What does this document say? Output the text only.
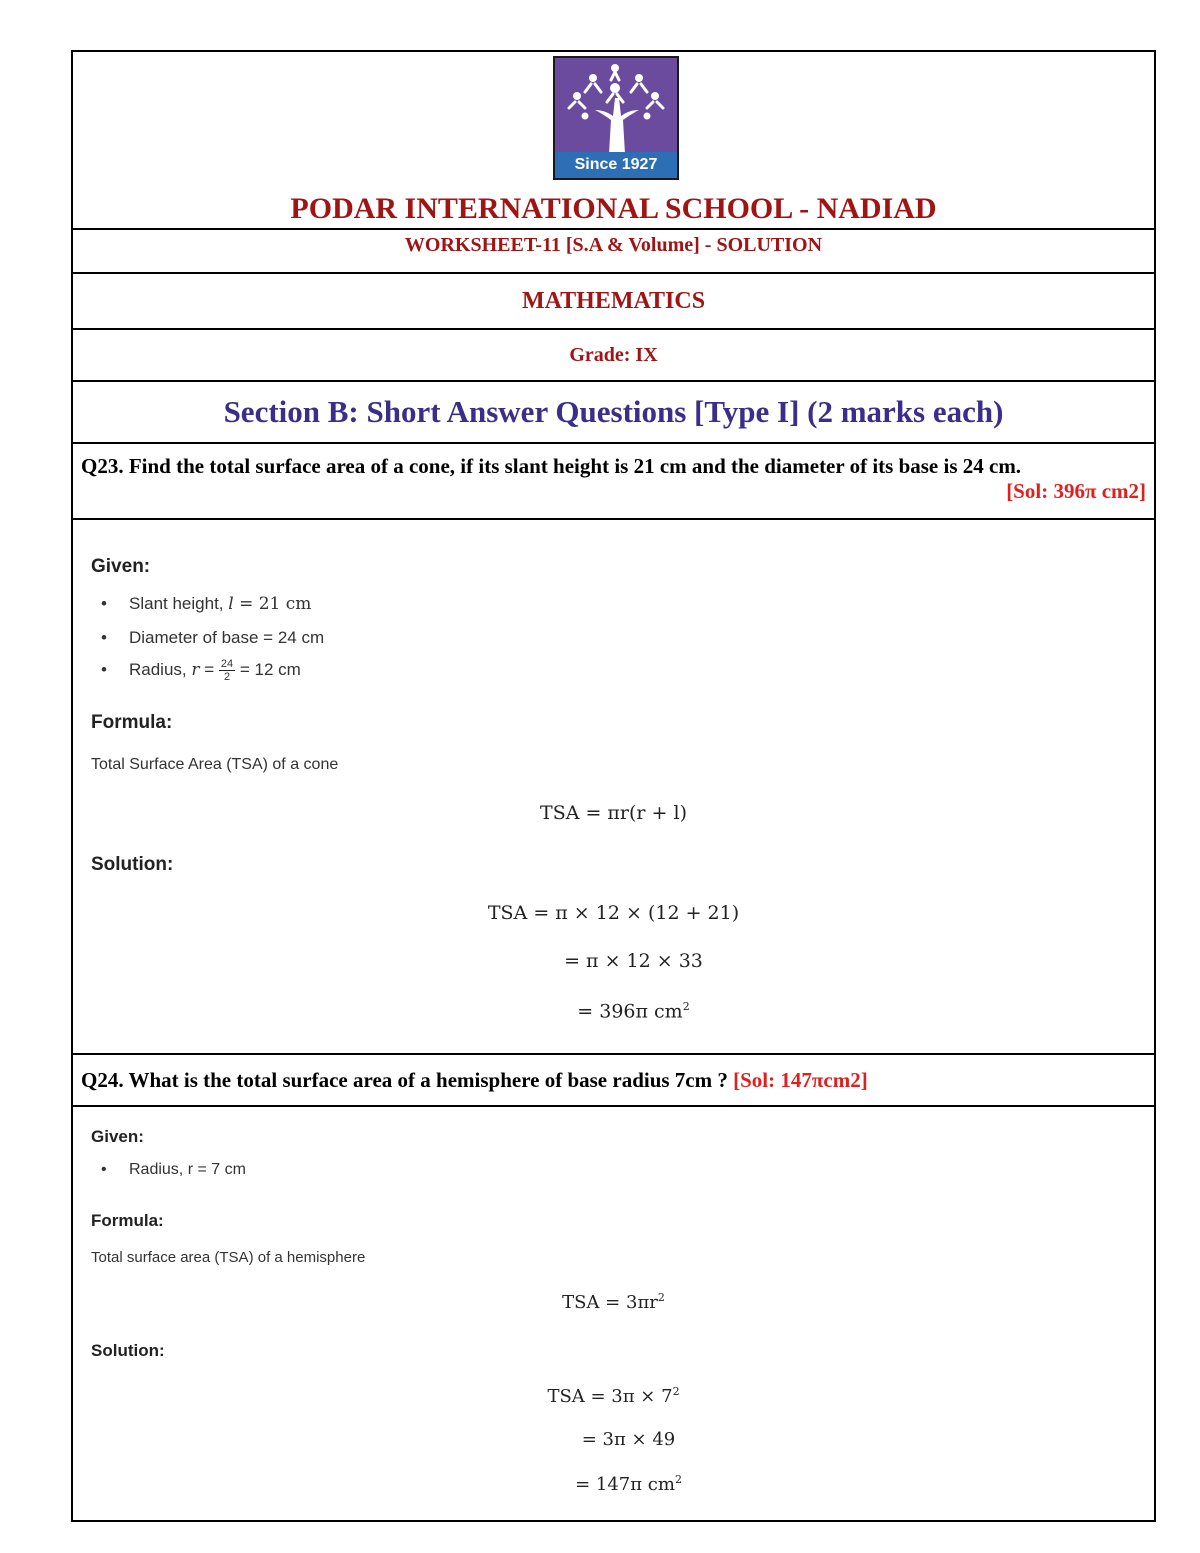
Since 1927
PODAR INTERNATIONAL SCHOOL - NADIAD
WORKSHEET-11 [S.A & Volume] - SOLUTION
MATHEMATICS
Grade: IX
Section B: Short Answer Questions [Type I] (2 marks each)
Q23. Find the total surface area of a cone, if its slant height is 21 cm and the diameter of its base is 24 cm.
[Sol: 396π cm2]
Given:
• Slant height, l = 21 cm
• Diameter of base = 24 cm
• Radius, $r = \frac{24}{2} = 12$ cm
Formula:
Total Surface Area (TSA) of a cone
TSA = πr(r + l)
Solution:
TSA = π × 12 × (12 + 21)
= π × 12 × 33
= 396π $cm^2$
Q24. What is the total surface area of a hemisphere of base radius 7cm ? [Sol: 147πcm2]
Given:
• Radius, r = 7 cm
Formula:
Total surface area (TSA) of a hemisphere
TSA = $3\pi r^2$
Solution:
TSA = $3\pi \times 7^2$
= 3π × 49
= 147π $cm^2$
